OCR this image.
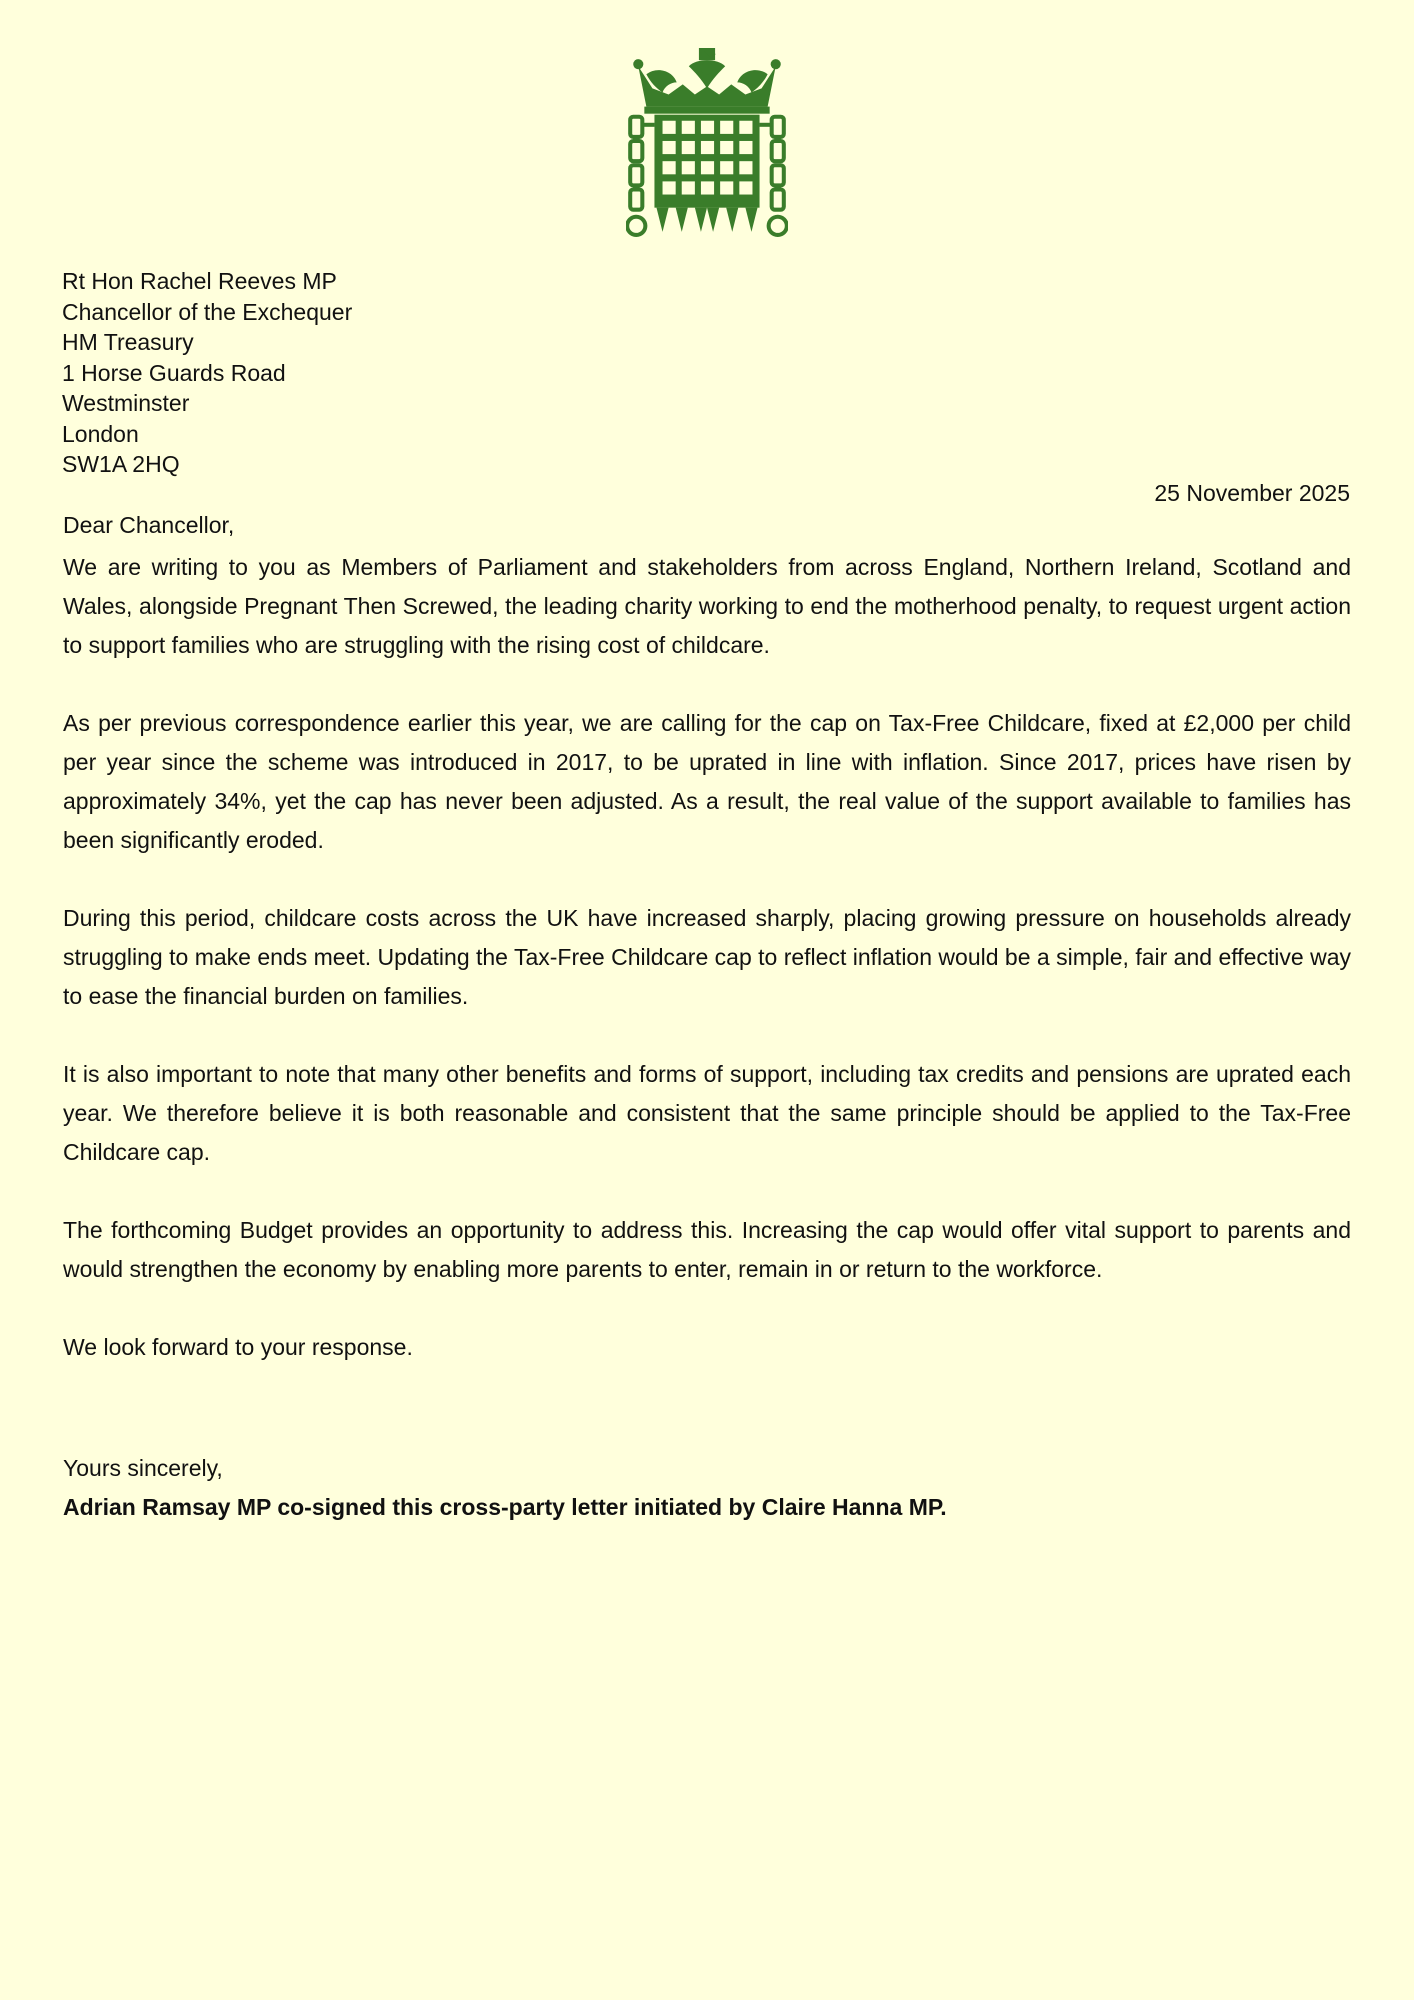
Rt Hon Rachel Reeves MP
Chancellor of the Exchequer
HM Treasury
1 Horse Guards Road
Westminster
London
SW1A 2HQ
25 November 2025
Dear Chancellor,

We are writing to you as Members of Parliament and stakeholders from across England, Northern Ireland, Scotland and Wales, alongside Pregnant Then Screwed, the leading charity working to end the motherhood penalty, to request urgent action to support families who are struggling with the rising cost of childcare.

As per previous correspondence earlier this year, we are calling for the cap on Tax-Free Childcare, fixed at £2,000 per child per year since the scheme was introduced in 2017, to be uprated in line with inflation. Since 2017, prices have risen by approximately 34%, yet the cap has never been adjusted. As a result, the real value of the support available to families has been significantly eroded.

During this period, childcare costs across the UK have increased sharply, placing growing pressure on households already struggling to make ends meet. Updating the Tax-Free Childcare cap to reflect inflation would be a simple, fair and effective way to ease the financial burden on families.

It is also important to note that many other benefits and forms of support, including tax credits and pensions are uprated each year. We therefore believe it is both reasonable and consistent that the same principle should be applied to the Tax-Free Childcare cap.

The forthcoming Budget provides an opportunity to address this. Increasing the cap would offer vital support to parents and would strengthen the economy by enabling more parents to enter, remain in or return to the workforce.

We look forward to your response.

Yours sincerely,
Adrian Ramsay MP co-signed this cross-party letter initiated by Claire Hanna MP.
